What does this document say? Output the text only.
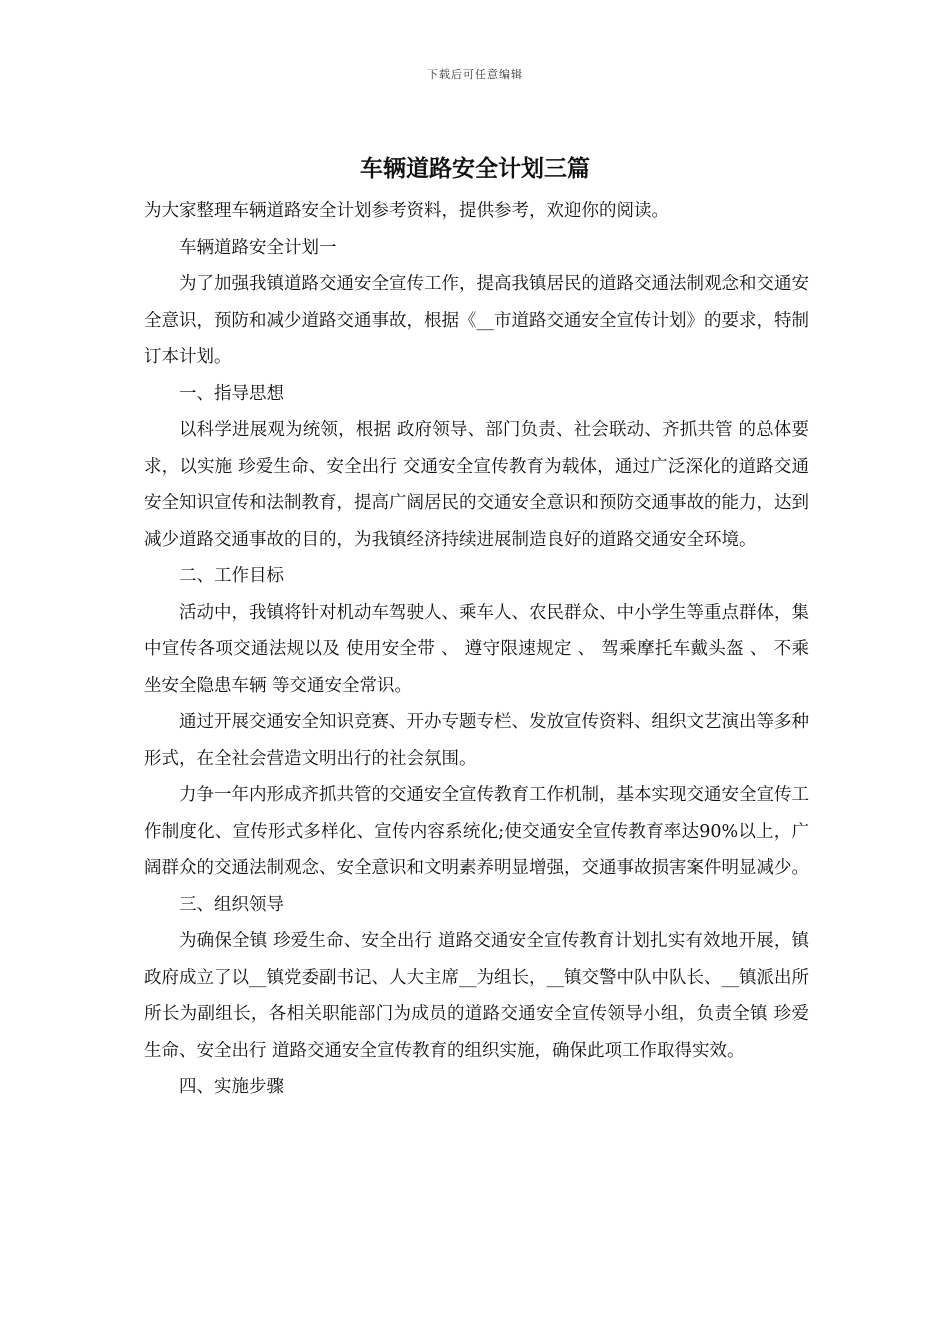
下载后可任意编辑
车辆道路安全计划三篇

为大家整理车辆道路安全计划参考资料，提供参考，欢迎你的阅读。

车辆道路安全计划一

为了加强我镇道路交通安全宣传工作，提高我镇居民的道路交通法制观念和交通安全意识，预防和减少道路交通事故，根据《__市道路交通安全宣传计划》的要求，特制订本计划。

一、指导思想

以科学进展观为统领，根据 政府领导、部门负责、社会联动、齐抓共管 的总体要求，以实施 珍爱生命、安全出行 交通安全宣传教育为载体，通过广泛深化的道路交通安全知识宣传和法制教育，提高广阔居民的交通安全意识和预防交通事故的能力，达到减少道路交通事故的目的，为我镇经济持续进展制造良好的道路交通安全环境。

二、工作目标

活动中，我镇将针对机动车驾驶人、乘车人、农民群众、中小学生等重点群体，集中宣传各项交通法规以及 使用安全带 、 遵守限速规定 、 驾乘摩托车戴头盔 、 不乘坐安全隐患车辆 等交通安全常识。

通过开展交通安全知识竞赛、开办专题专栏、发放宣传资料、组织文艺演出等多种形式，在全社会营造文明出行的社会氛围。

力争一年内形成齐抓共管的交通安全宣传教育工作机制，基本实现交通安全宣传工作制度化、宣传形式多样化、宣传内容系统化;使交通安全宣传教育率达90%以上，广阔群众的交通法制观念、安全意识和文明素养明显增强，交通事故损害案件明显减少。

三、组织领导

为确保全镇 珍爱生命、安全出行 道路交通安全宣传教育计划扎实有效地开展，镇政府成立了以__镇党委副书记、人大主席__为组长，__镇交警中队中队长、__镇派出所所长为副组长，各相关职能部门为成员的道路交通安全宣传领导小组，负责全镇 珍爱生命、安全出行 道路交通安全宣传教育的组织实施，确保此项工作取得实效。

四、实施步骤
